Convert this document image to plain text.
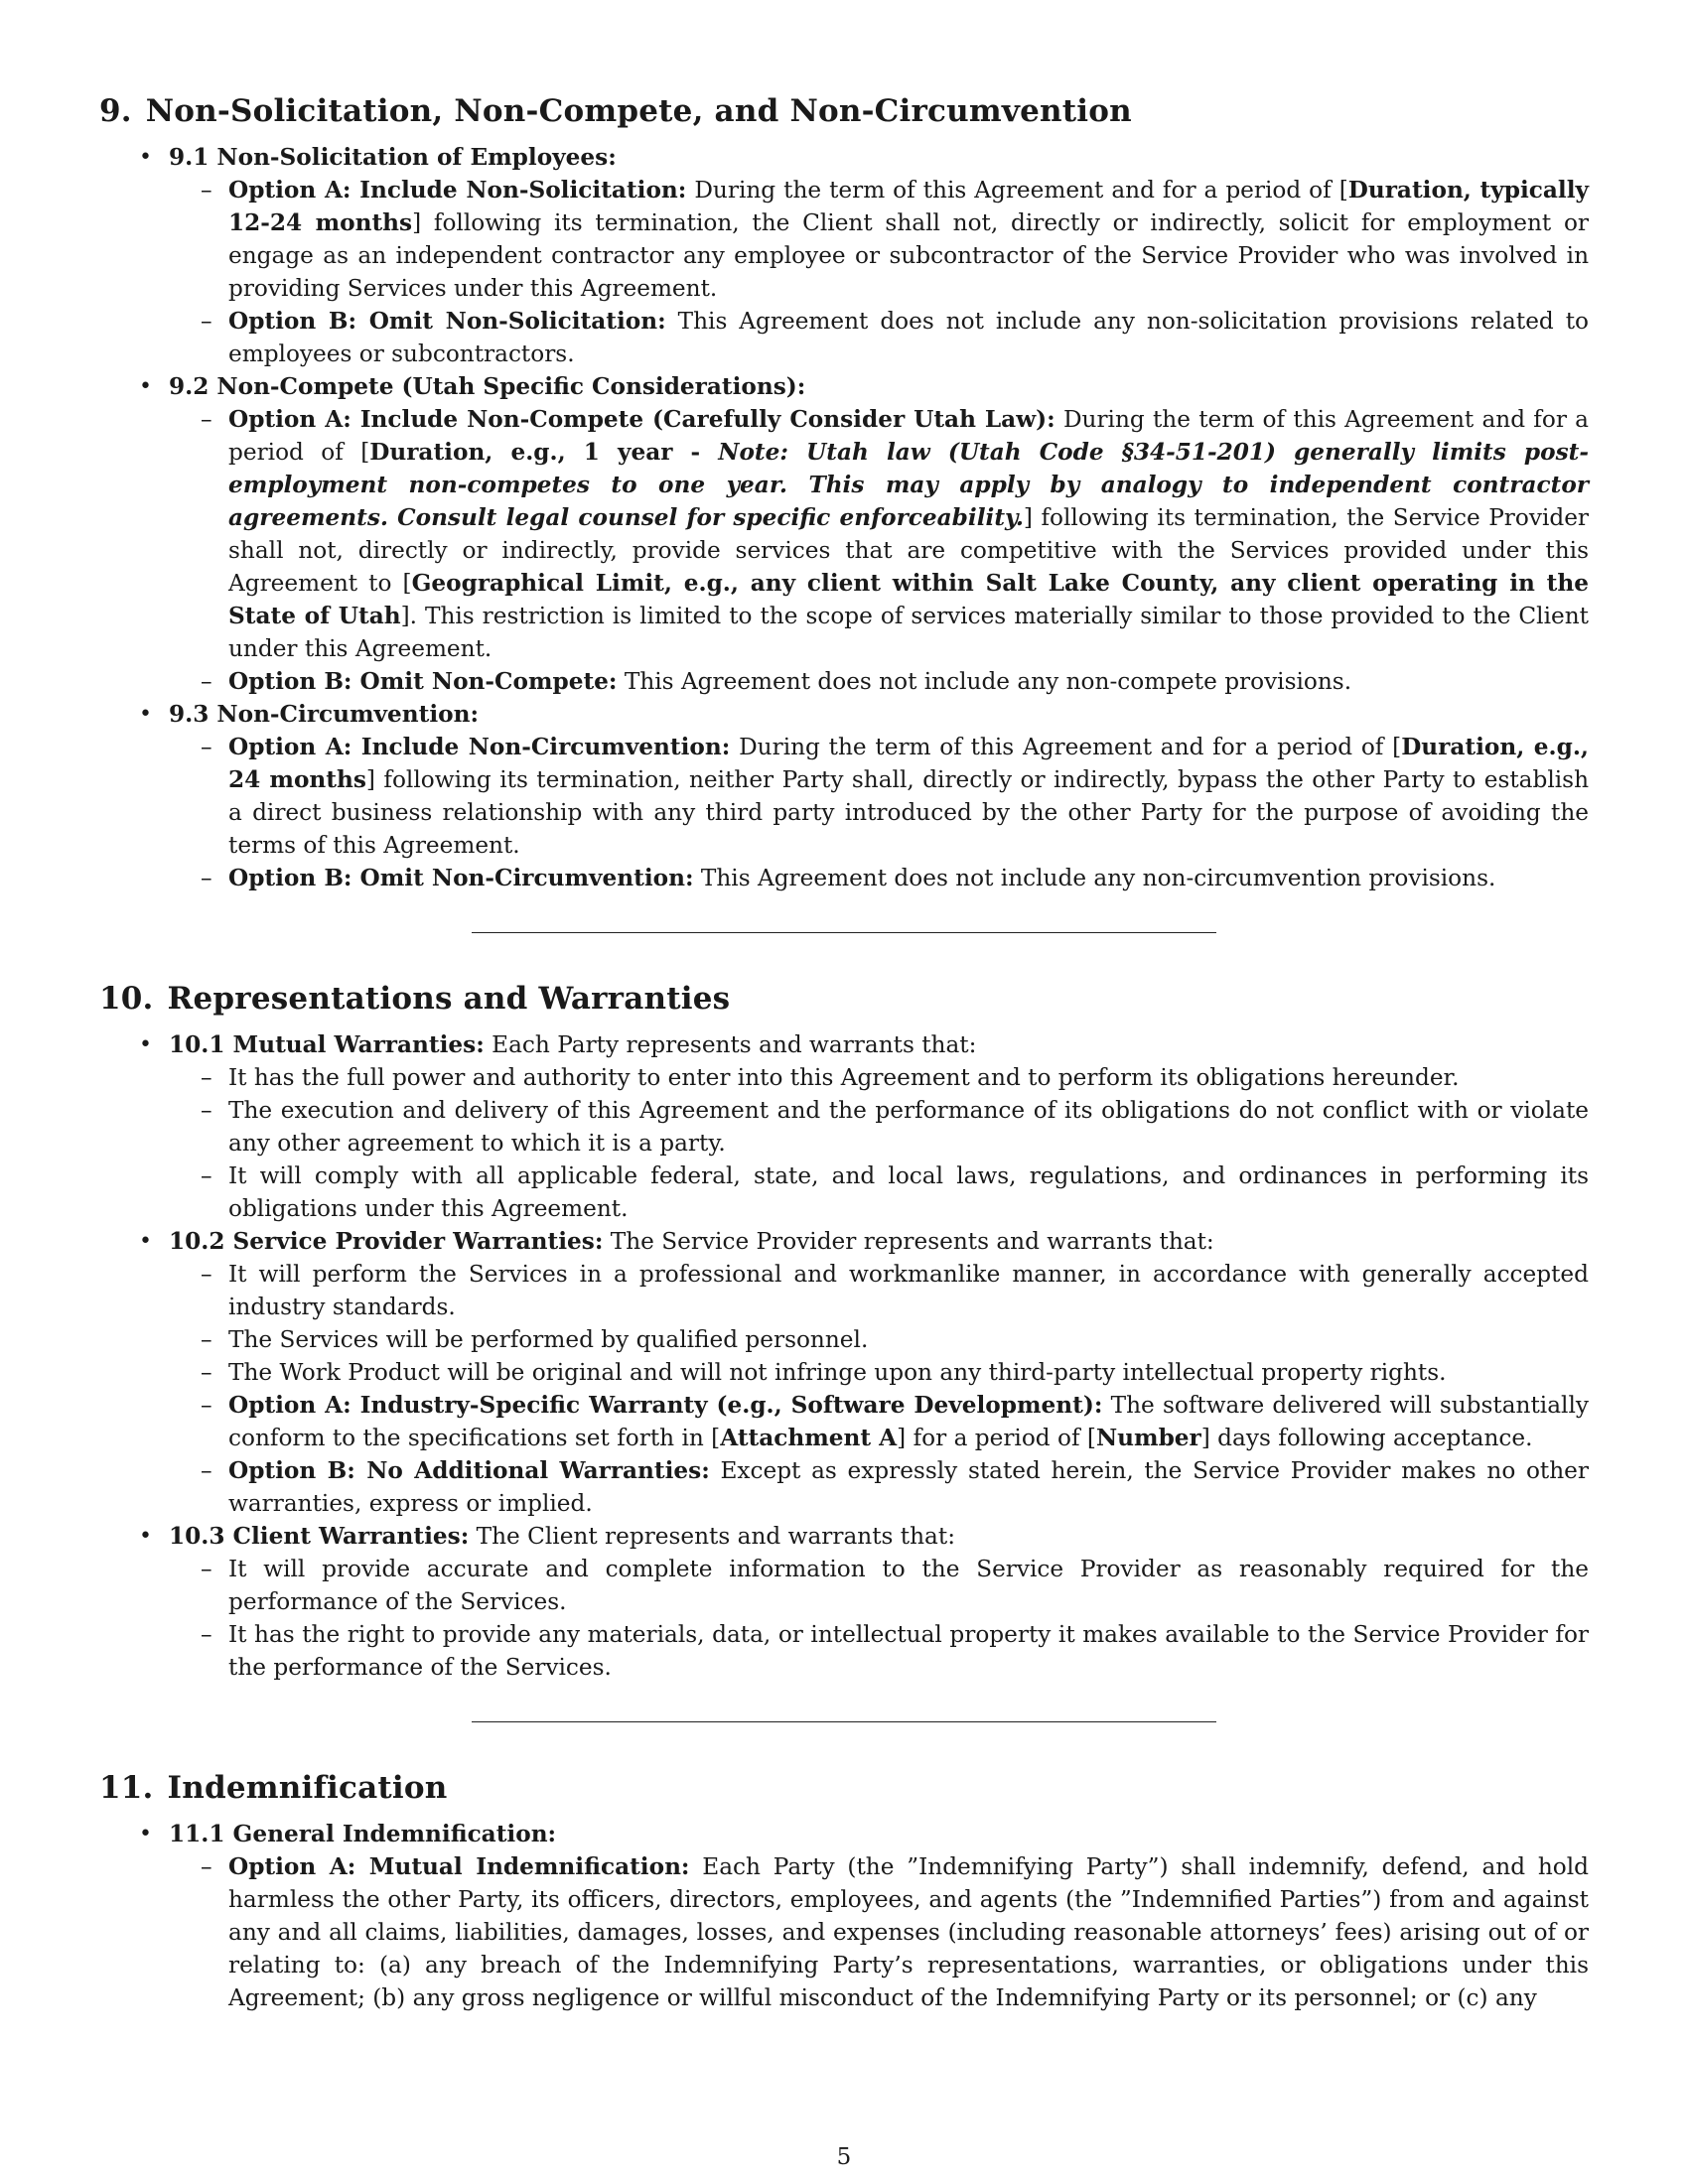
9. Non-Solicitation, Non-Compete, and Non-Circumvention
• 9.1 Non-Solicitation of Employees:
– Option A: Include Non-Solicitation: During the term of this Agreement and for a period of [Duration, typically 12-24 months] following its termination, the Client shall not, directly or indirectly, solicit for employment or engage as an independent contractor any employee or subcontractor of the Service Provider who was involved in providing Services under this Agreement.
– Option B: Omit Non-Solicitation: This Agreement does not include any non-solicitation provisions related to employees or subcontractors.
• 9.2 Non-Compete (Utah Specific Considerations):
– Option A: Include Non-Compete (Carefully Consider Utah Law): During the term of this Agreement and for a period of [Duration, e.g., 1 year - Note: Utah law (Utah Code §34-51-201) generally limits post-employment non-competes to one year. This may apply by analogy to independent contractor agreements. Consult legal counsel for specific enforceability.] following its termination, the Service Provider shall not, directly or indirectly, provide services that are competitive with the Services provided under this Agreement to [Geographical Limit, e.g., any client within Salt Lake County, any client operating in the State of Utah]. This restriction is limited to the scope of services materially similar to those provided to the Client under this Agreement.
– Option B: Omit Non-Compete: This Agreement does not include any non-compete provisions.
• 9.3 Non-Circumvention:
– Option A: Include Non-Circumvention: During the term of this Agreement and for a period of [Duration, e.g., 24 months] following its termination, neither Party shall, directly or indirectly, bypass the other Party to establish a direct business relationship with any third party introduced by the other Party for the purpose of avoiding the terms of this Agreement.
– Option B: Omit Non-Circumvention: This Agreement does not include any non-circumvention provisions.
10. Representations and Warranties
• 10.1 Mutual Warranties: Each Party represents and warrants that:
– It has the full power and authority to enter into this Agreement and to perform its obligations hereunder.
– The execution and delivery of this Agreement and the performance of its obligations do not conflict with or violate any other agreement to which it is a party.
– It will comply with all applicable federal, state, and local laws, regulations, and ordinances in performing its obligations under this Agreement.
• 10.2 Service Provider Warranties: The Service Provider represents and warrants that:
– It will perform the Services in a professional and workmanlike manner, in accordance with generally accepted industry standards.
– The Services will be performed by qualified personnel.
– The Work Product will be original and will not infringe upon any third-party intellectual property rights.
– Option A: Industry-Specific Warranty (e.g., Software Development): The software delivered will substantially conform to the specifications set forth in [Attachment A] for a period of [Number] days following acceptance.
– Option B: No Additional Warranties: Except as expressly stated herein, the Service Provider makes no other warranties, express or implied.
• 10.3 Client Warranties: The Client represents and warrants that:
– It will provide accurate and complete information to the Service Provider as reasonably required for the performance of the Services.
– It has the right to provide any materials, data, or intellectual property it makes available to the Service Provider for the performance of the Services.
11. Indemnification
• 11.1 General Indemnification:
– Option A: Mutual Indemnification: Each Party (the ”Indemnifying Party”) shall indemnify, defend, and hold harmless the other Party, its officers, directors, employees, and agents (the ”Indemnified Parties”) from and against any and all claims, liabilities, damages, losses, and expenses (including reasonable attorneys’ fees) arising out of or relating to: (a) any breach of the Indemnifying Party’s representations, warranties, or obligations under this Agreement; (b) any gross negligence or willful misconduct of the Indemnifying Party or its personnel; or (c) any
5
